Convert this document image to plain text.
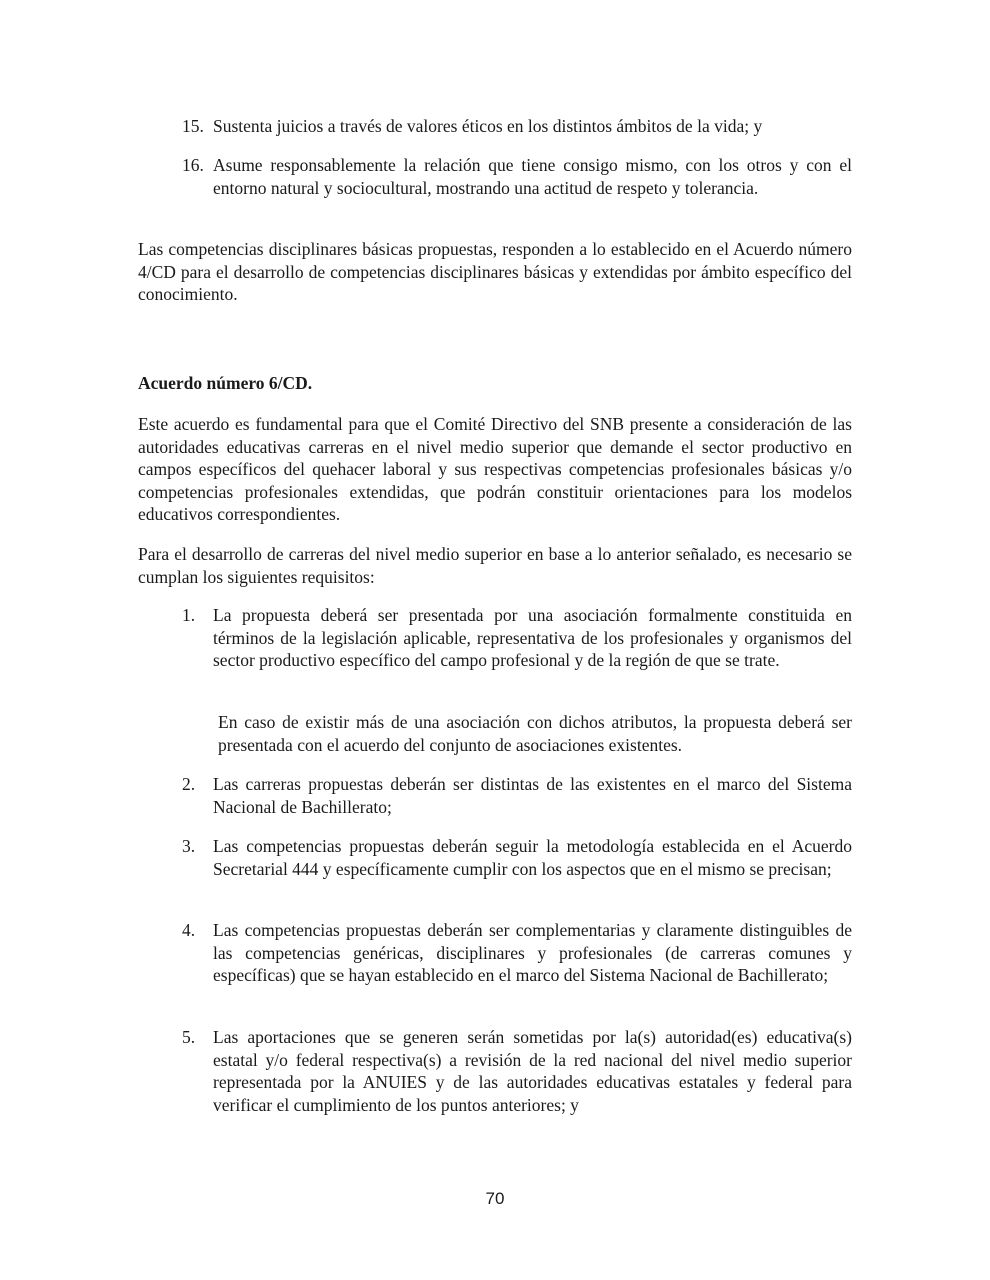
15. Sustenta juicios a través de valores éticos en los distintos ámbitos de la vida; y

16. Asume responsablemente la relación que tiene consigo mismo, con los otros y con el entorno natural y sociocultural, mostrando una actitud de respeto y tolerancia.

Las competencias disciplinares básicas propuestas, responden a lo establecido en el Acuerdo número 4/CD para el desarrollo de competencias disciplinares básicas y extendidas por ámbito específico del conocimiento.

Acuerdo número 6/CD.

Este acuerdo es fundamental para que el Comité Directivo del SNB presente a consideración de las autoridades educativas carreras en el nivel medio superior que demande el sector productivo en campos específicos del quehacer laboral y sus respectivas competencias profesionales básicas y/o competencias profesionales extendidas, que podrán constituir orientaciones para los modelos educativos correspondientes.

Para el desarrollo de carreras del nivel medio superior en base a lo anterior señalado, es necesario se cumplan los siguientes requisitos:

1. La propuesta deberá ser presentada por una asociación formalmente constituida en términos de la legislación aplicable, representativa de los profesionales y organismos del sector productivo específico del campo profesional y de la región de que se trate.

En caso de existir más de una asociación con dichos atributos, la propuesta deberá ser presentada con el acuerdo del conjunto de asociaciones existentes.

2. Las carreras propuestas deberán ser distintas de las existentes en el marco del Sistema Nacional de Bachillerato;

3. Las competencias propuestas deberán seguir la metodología establecida en el Acuerdo Secretarial 444 y específicamente cumplir con los aspectos que en el mismo se precisan;

4. Las competencias propuestas deberán ser complementarias y claramente distinguibles de las competencias genéricas, disciplinares y profesionales (de carreras comunes y específicas) que se hayan establecido en el marco del Sistema Nacional de Bachillerato;

5. Las aportaciones que se generen serán sometidas por la(s) autoridad(es) educativa(s) estatal y/o federal respectiva(s) a revisión de la red nacional del nivel medio superior representada por la ANUIES y de las autoridades educativas estatales y federal para verificar el cumplimiento de los puntos anteriores; y

70
